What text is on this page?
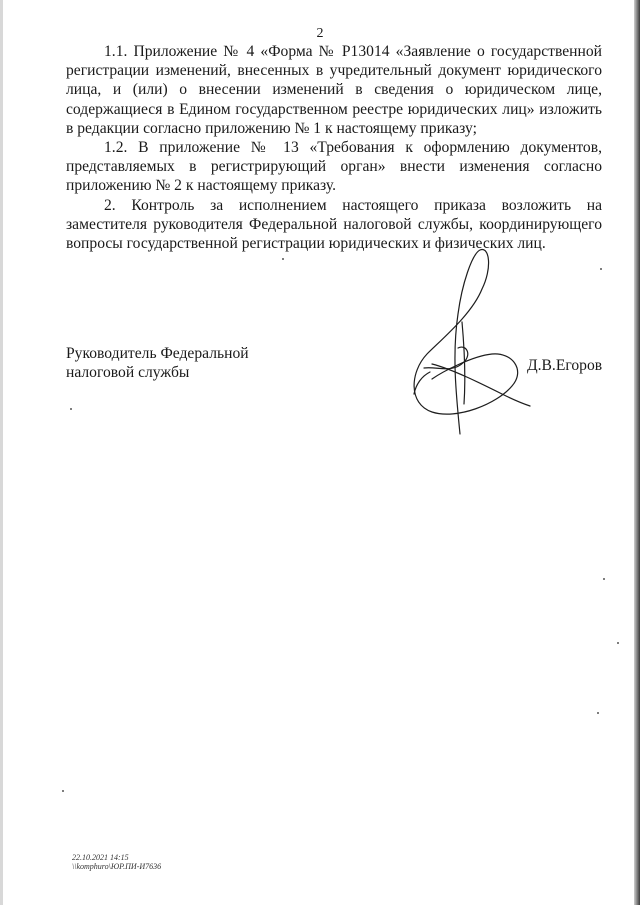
2

1.1. Приложение № 4 «Форма № Р13014 «Заявление о государственной регистрации изменений, внесенных в учредительный документ юридического лица, и (или) о внесении изменений в сведения о юридическом лице, содержащиеся в Едином государственном реестре юридических лиц» изложить в редакции согласно приложению № 1 к настоящему приказу;

1.2. В приложение № 13 «Требования к оформлению документов, представляемых в регистрирующий орган» внести изменения согласно приложению № 2 к настоящему приказу.

2. Контроль за исполнением настоящего приказа возложить на заместителя руководителя Федеральной налоговой службы, координирующего вопросы государственной регистрации юридических и физических лиц.

Руководитель Федеральной
налоговой службы	Д.В.Егоров
22.10.2021 14:15
\\komphuro\ЮР.ПИ-И7636
